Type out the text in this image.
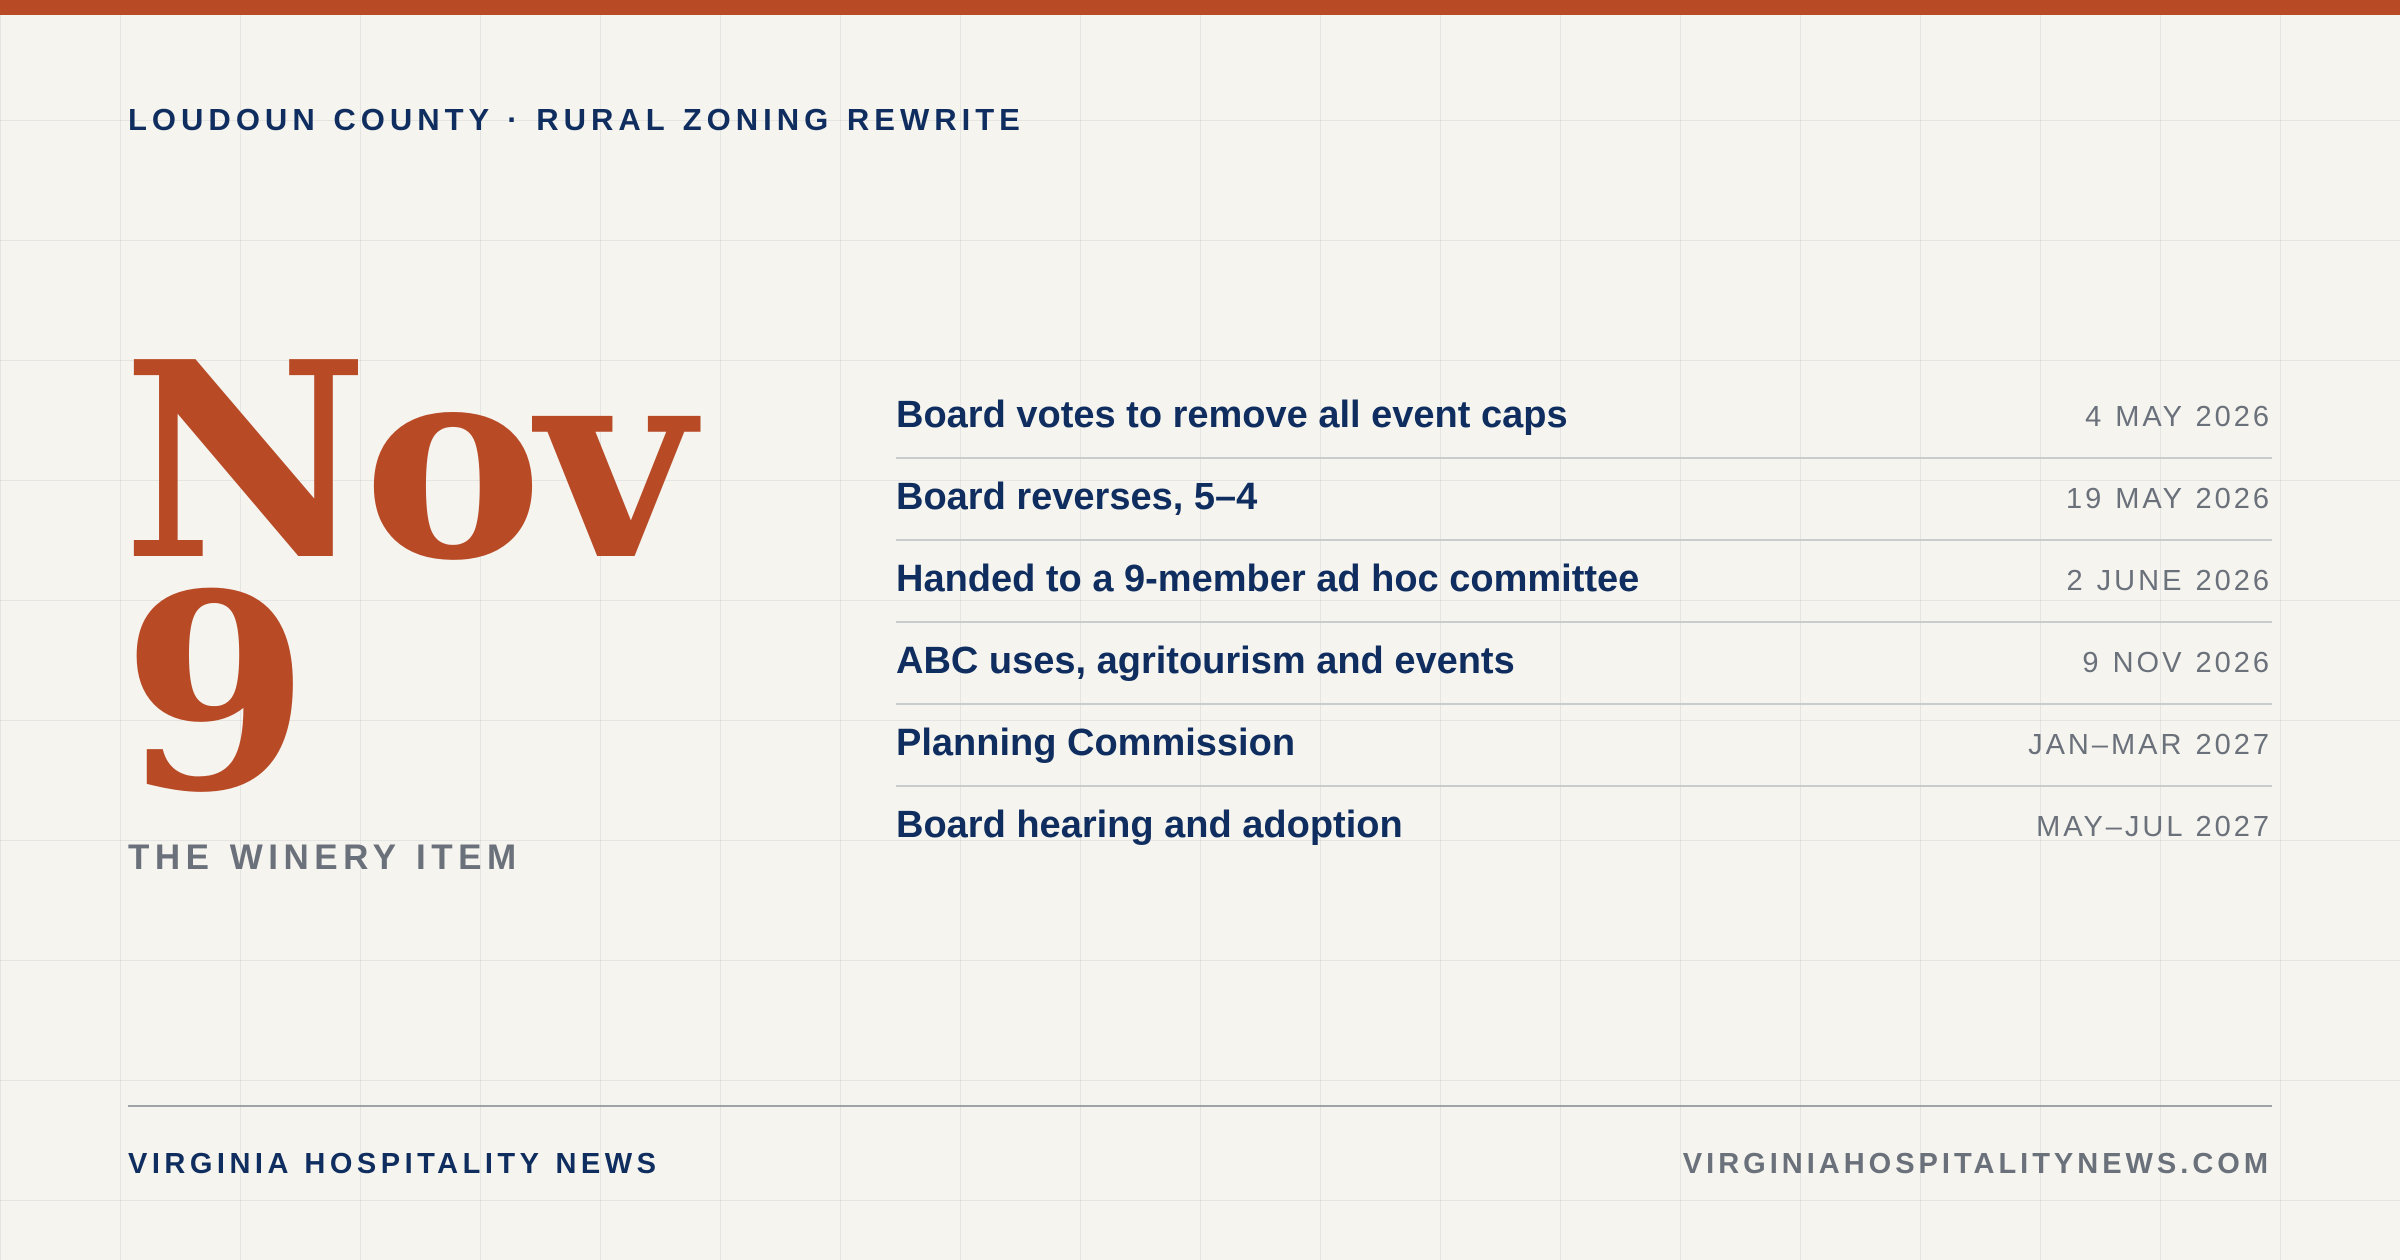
LOUDOUN COUNTY · RURAL ZONING REWRITE
Nov
9
THE WINERY ITEM
Board votes to remove all event caps	4 MAY 2026
Board reverses, 5–4	19 MAY 2026
Handed to a 9-member ad hoc committee	2 JUNE 2026
ABC uses, agritourism and events	9 NOV 2026
Planning Commission	JAN–MAR 2027
Board hearing and adoption	MAY–JUL 2027
VIRGINIA HOSPITALITY NEWS	VIRGINIAHOSPITALITYNEWS.COM
